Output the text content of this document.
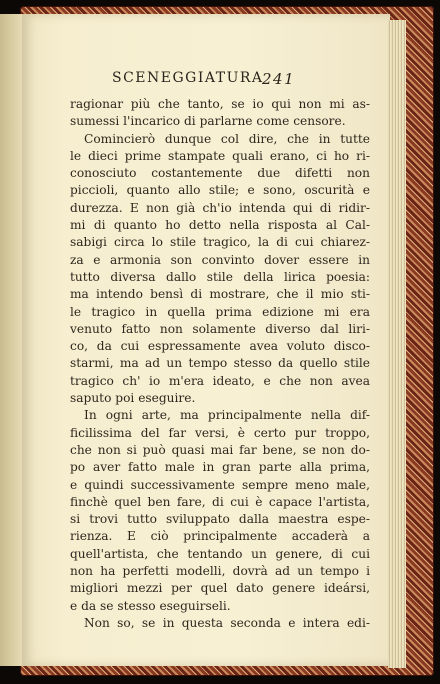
SCENEGGIATURA
241
ragionar più che tanto, se io qui non mi as-
sumessi l'incarico di parlarne come censore.
Comincierò dunque col dire, che in tutte
le dieci prime stampate quali erano, ci ho ri-
conosciuto costantemente due difetti non
piccioli, quanto allo stile; e sono, oscurità e
durezza. E non già ch'io intenda qui di ridir-
mi di quanto ho detto nella risposta al Cal-
sabigi circa lo stile tragico, la di cui chiarez-
za e armonia son convinto dover essere in
tutto diversa dallo stile della lirica poesia:
ma intendo bensì di mostrare, che il mio sti-
le tragico in quella prima edizione mi era
venuto fatto non solamente diverso dal liri-
co, da cui espressamente avea voluto disco-
starmi, ma ad un tempo stesso da quello stile
tragico ch' io m'era ideato, e che non avea
saputo poi eseguire.
In ogni arte, ma principalmente nella dif-
ficilissima del far versi, è certo pur troppo,
che non si può quasi mai far bene, se non do-
po aver fatto male in gran parte alla prima,
e quindi successivamente sempre meno male,
finchè quel ben fare, di cui è capace l'artista,
si trovi tutto sviluppato dalla maestra espe-
rienza. E ciò principalmente accaderà a
quell'artista, che tentando un genere, di cui
non ha perfetti modelli, dovrà ad un tempo i
migliori mezzi per quel dato genere ideársi,
e da se stesso eseguirseli.
Non so, se in questa seconda e intera edi-
